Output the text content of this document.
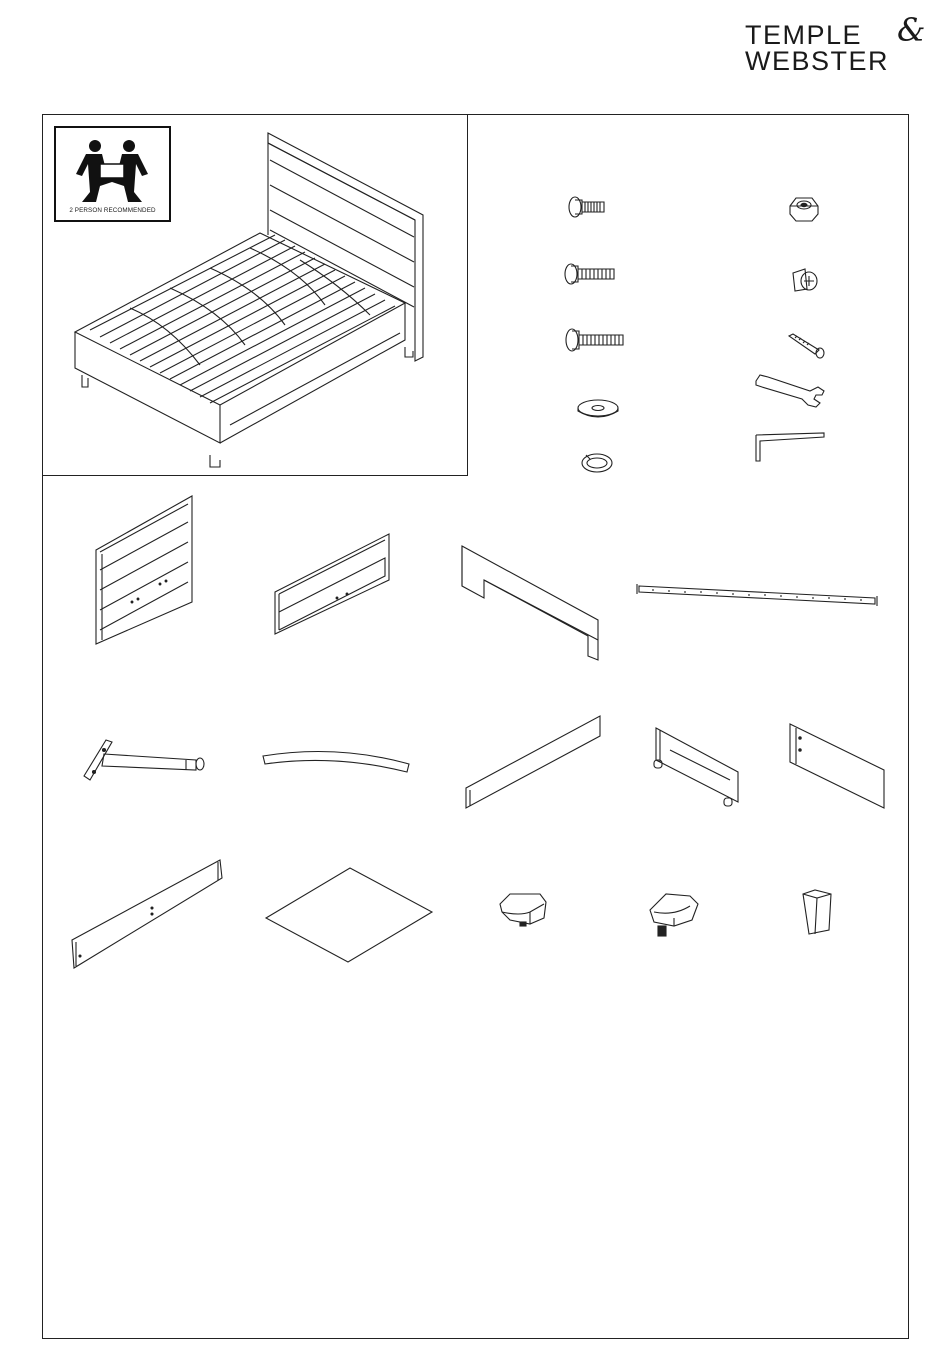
TEMPLE &
WEBSTER
2 PERSON RECOMMENDED
